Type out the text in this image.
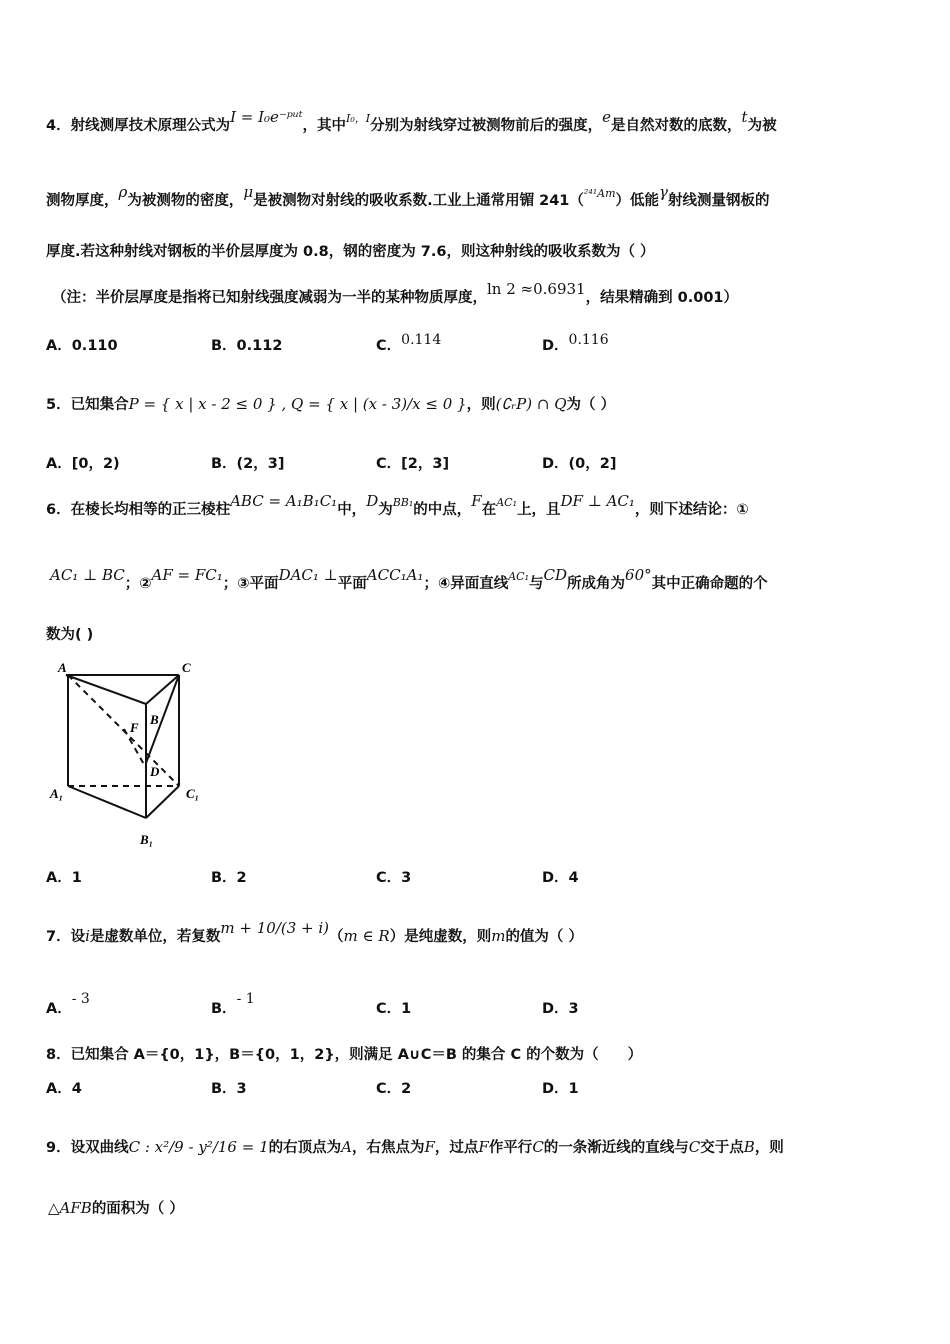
4．射线测厚技术原理公式为I = I₀e⁻ᵖᵘᵗ，其中$^{I_0,I}$分别为射线穿过被测物前后的强度，e是自然对数的底数，t为被
测物厚度，ρ为被测物的密度，μ是被测物对射线的吸收系数.工业上通常用镅 241（$^{^{241}Am}$）低能γ射线测量钢板的
厚度.若这种射线对钢板的半价层厚度为 0.8，钢的密度为 7.6，则这种射线的吸收系数为（ ）
（注：半价层厚度是指将已知射线强度减弱为一半的某种物质厚度，ln 2 ≈0.6931，结果精确到 0.001）
A．0.110	B．0.112	C．0.114	D．0.116
5．已知集合P = { x | x - 2 ≤ 0 } , Q = { x | (x - 3)/x ≤ 0 }，则(∁ᵣP) ∩ Q为（ ）
A．[0，2)	B．(2，3]	C．[2，3]	D．(0，2]
6．在棱长均相等的正三棱柱ABC = A₁B₁C₁中，D为$^{BB_1}$的中点，F在$^{AC_1}$上，且DF ⊥ AC₁，则下述结论：①
AC₁ ⊥ BC；②AF = FC₁；③平面DAC₁ ⊥平面ACC₁A₁；④异面直线$^{AC_1}$与CD所成角为60°其中正确命题的个
数为( )
A	C
B
F
D
A₁	C₁
B₁
A．1	B．2	C．3	D．4
7．设i是虚数单位，若复数m + 10/(3 + i)（m ∈ R）是纯虚数，则m的值为（ ）
A．- 3
B．- 1
C．1	D．3
8．已知集合 A＝{0，1}，B＝{0，1，2}，则满足 A∪C＝B 的集合 C 的个数为（　　）
A．4	B．3	C．2	D．1
9．设双曲线C : x²/9 - y²/16 = 1的右顶点为A，右焦点为F，过点F作平行C的一条渐近线的直线与C交于点B，则
△AFB的面积为（ ）
